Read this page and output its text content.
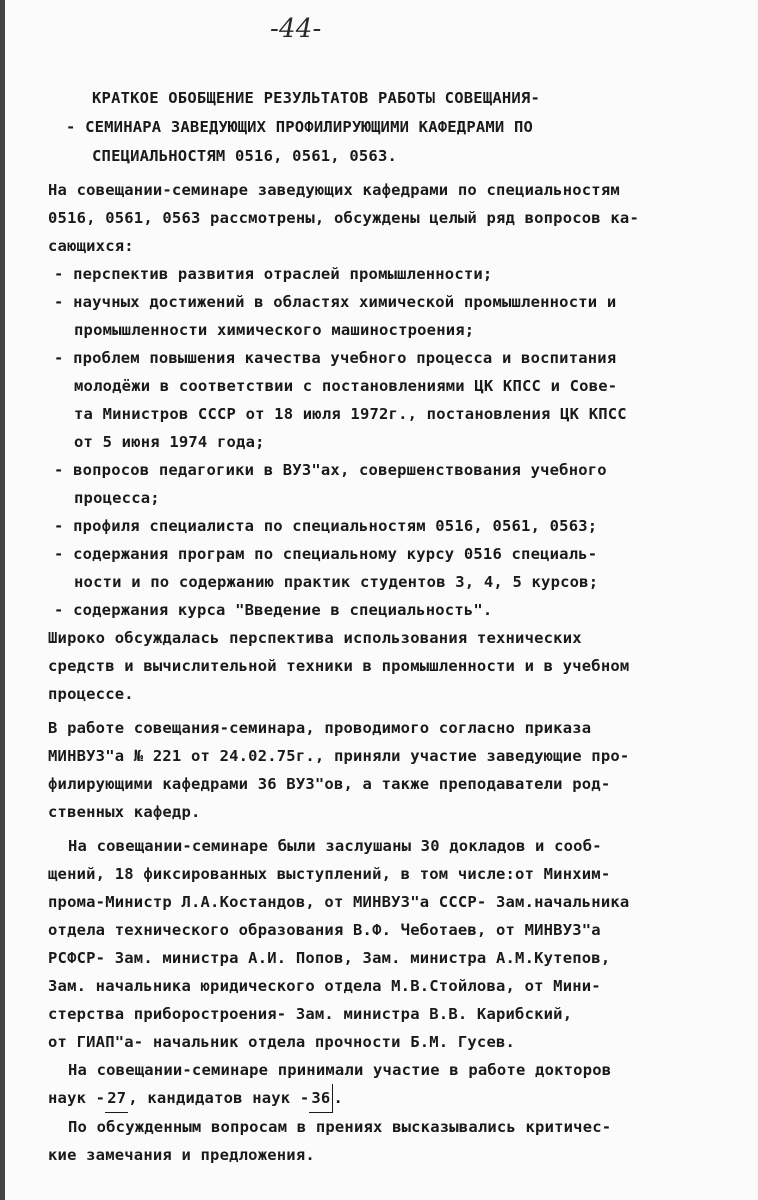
-44-
КРАТКОЕ ОБОБЩЕНИЕ РЕЗУЛЬТАТОВ РАБОТЫ СОВЕЩАНИЯ-
- СЕМИНАРА ЗАВЕДУЮЩИХ ПРОФИЛИРУЮЩИМИ КАФЕДРАМИ ПО
СПЕЦИАЛЬНОСТЯМ 0516, 0561, 0563.
На совещании-семинаре заведующих кафедрами по специальностям
0516, 0561, 0563 рассмотрены, обсуждены целый ряд вопросов ка-
сающихся:
- перспектив развития отраслей промышленности;
- научных достижений в областях химической промышленности и
промышленности химического машиностроения;
- проблем повышения качества учебного процесса и воспитания
молодёжи в соответствии с постановлениями ЦК КПСС и Сове-
та Министров СССР от 18 июля 1972г., постановления ЦК КПСС
от 5 июня 1974 года;
- вопросов педагогики в ВУЗ"ах, совершенствования учебного
процесса;
- профиля специалиста по специальностям 0516, 0561, 0563;
- содержания програм по специальному курсу 0516 специаль-
ности и по содержанию практик студентов 3, 4, 5 курсов;
- содержания курса "Введение в специальность".
Широко обсуждалась перспектива использования технических
средств и вычислительной техники в промышленности и в учебном
процессе.
В работе совещания-семинара, проводимого согласно приказа
МИНВУЗ"а № 221 от 24.02.75г., приняли участие заведующие про-
филирующими кафедрами 36 ВУЗ"ов, а также преподаватели род-
ственных кафедр.
На совещании-семинаре были заслушаны 30 докладов и сооб-
щений, 18 фиксированных выступлений, в том числе:от Минхим-
прома-Министр Л.А.Костандов, от МИНВУЗ"а СССР- Зам.начальника
отдела технического образования В.Ф. Чеботаев, от МИНВУЗ"а
РСФСР- Зам. министра А.И. Попов, Зам. министра А.М.Кутепов,
Зам. начальника юридического отдела М.В.Стойлова, от Мини-
стерства приборостроения- Зам. министра В.В. Карибский,
от ГИАП"а- начальник отдела прочности Б.М. Гусев.
На совещании-семинаре принимали участие в работе докторов
наук - 27 , кандидатов наук - 36 .
По обсужденным вопросам в прениях высказывались критичес-
кие замечания и предложения.
